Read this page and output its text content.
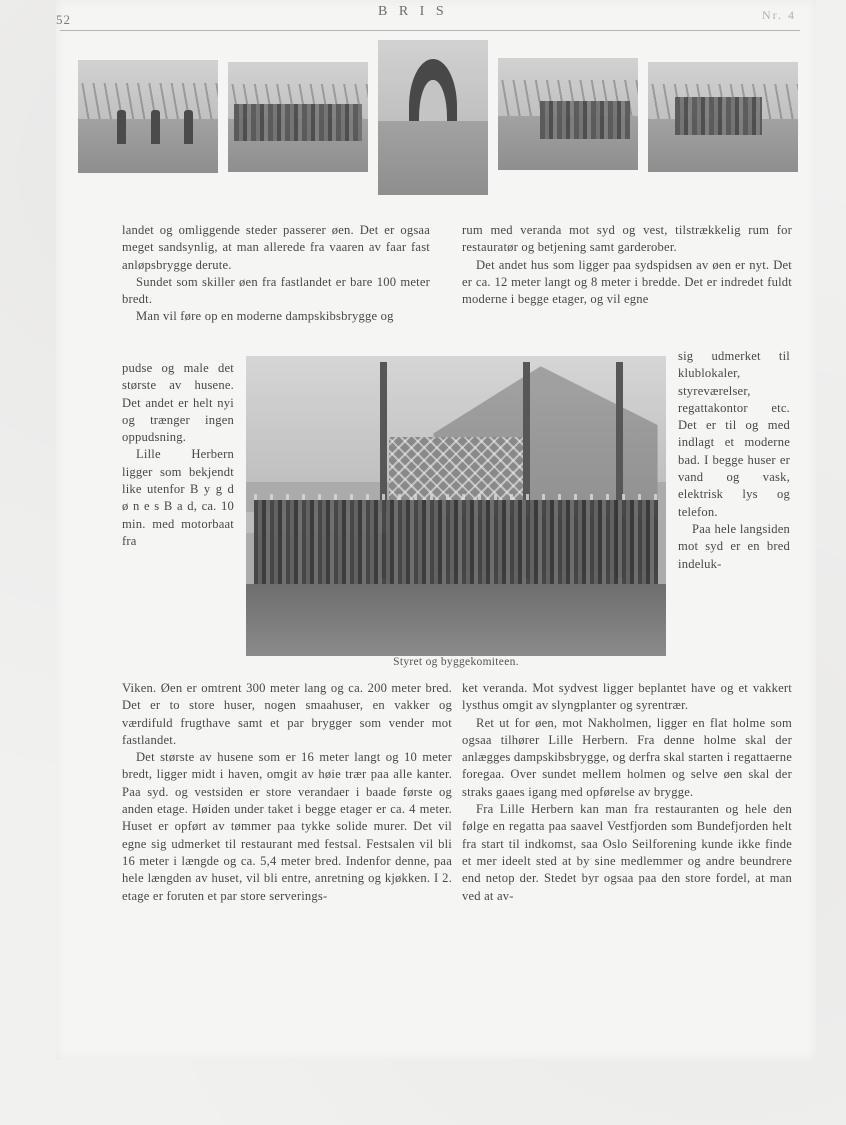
52
B R I S	Nr. 4

landet og omliggende steder passerer øen. Det er ogsaa meget sandsynlig, at man allerede fra vaaren av faar fast anløpsbrygge derute.

Sundet som skiller øen fra fastlandet er bare 100 meter bredt.

Man vil føre op en moderne dampskibsbrygge og

rum med veranda mot syd og vest, tilstrækkelig rum for restauratør og betjening samt garderober.

Det andet hus som ligger paa sydspidsen av øen er nyt. Det er ca. 12 meter langt og 8 meter i bredde. Det er indredet fuldt moderne i begge etager, og vil egne

pudse og male det største av husene. Det andet er helt nyi og trænger ingen oppudsning.

Lille Herbern ligger som bekjendt like utenfor B y g d ø n e s B a d, ca. 10 min. med motorbaat fra

sig udmerket til klublokaler, styreværelser, regattakontor etc. Det er til og med indlagt et moderne bad. I begge huser er vand og vask, elektrisk lys og telefon.

Paa hele langsiden mot syd er en bred indeluk-

Styret og byggekomiteen.

Viken. Øen er omtrent 300 meter lang og ca. 200 meter bred. Det er to store huser, nogen smaahuser, en vakker og værdifuld frugthave samt et par brygger som vender mot fastlandet.

Det største av husene som er 16 meter langt og 10 meter bredt, ligger midt i haven, omgit av høie trær paa alle kanter. Paa syd. og vestsiden er store verandaer i baade første og anden etage. Høiden under taket i begge etager er ca. 4 meter. Huset er opført av tømmer paa tykke solide murer. Det vil egne sig udmerket til restaurant med festsal. Festsalen vil bli 16 meter i længde og ca. 5,4 meter bred. Indenfor denne, paa hele længden av huset, vil bli entre, anretning og kjøkken. I 2. etage er foruten et par store serverings-

ket veranda. Mot sydvest ligger beplantet have og et vakkert lysthus omgit av slyngplanter og syrentrær.

Ret ut for øen, mot Nakholmen, ligger en flat holme som ogsaa tilhører Lille Herbern. Fra denne holme skal der anlægges dampskibsbrygge, og derfra skal starten i regattaerne foregaa. Over sundet mellem holmen og selve øen skal der straks gaaes igang med opførelse av brygge.

Fra Lille Herbern kan man fra restauranten og hele den følge en regatta paa saavel Vestfjorden som Bundefjorden helt fra start til indkomst, saa Oslo Seilforening kunde ikke finde et mer ideelt sted at by sine medlemmer og andre beundrere end netop der. Stedet byr ogsaa paa den store fordel, at man ved at av-
